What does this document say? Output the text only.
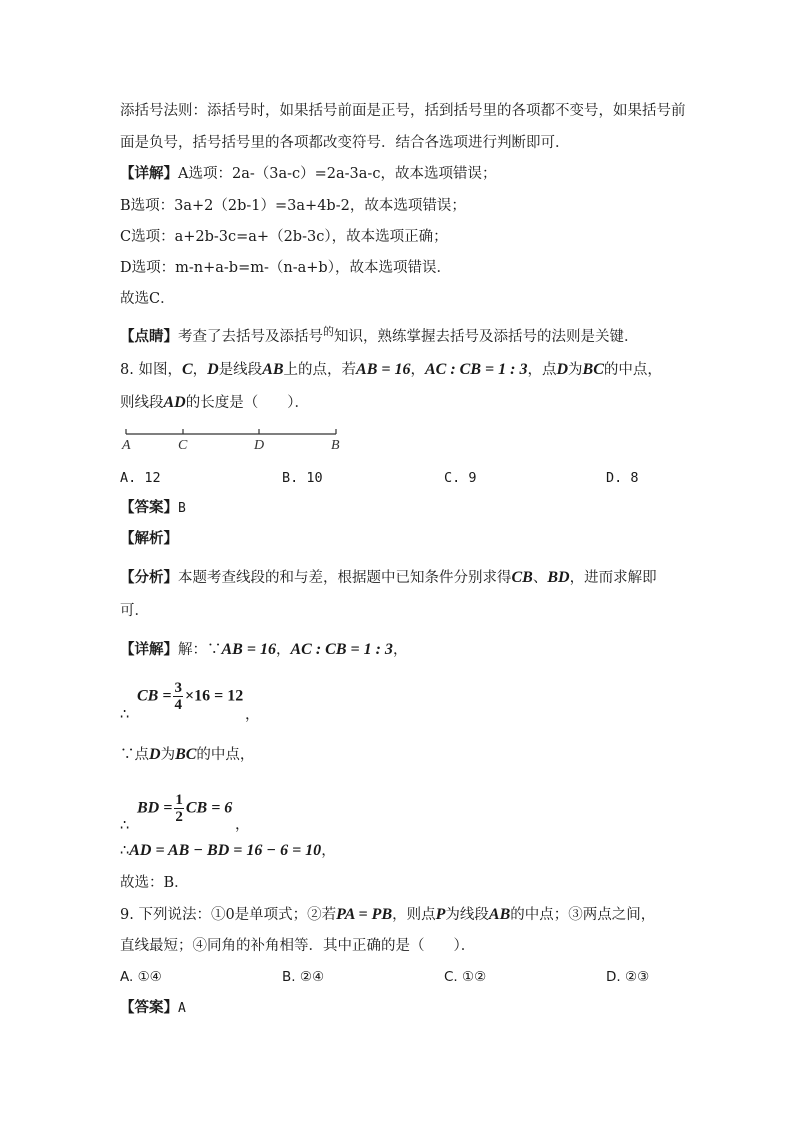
添括号法则：添括号时，如果括号前面是正号，括到括号里的各项都不变号，如果括号前
面是负号，括号括号里的各项都改变符号．结合各选项进行判断即可．
【详解】A选项：2a-（3a-c）=2a-3a-c，故本选项错误；
B选项：3a+2（2b-1）=3a+4b-2，故本选项错误；
C选项：a+2b-3c=a+（2b-3c），故本选项正确；
D选项：m-n+a-b=m-（n-a+b），故本选项错误．
故选C．
【点睛】考查了去括号及添括号$^的$知识，熟练掌握去括号及添括号的法则是关键．
8. 如图，C，D是线段AB上的点，若AB = 16，AC : CB = 1 : 3，点D为BC的中点，
则线段AD的长度是（　　）．
A	C	D	B
A. 12	B. 10	C. 9	D. 8
【答案】B
【解析】
【分析】本题考查线段的和与差，根据题中已知条件分别求得CB、BD，进而求解即
可．
【详解】解：∵AB = 16，AC : CB = 1 : 3，
CB = $\frac{3}{4} \times 16 = 12$
∴	，
∵点D为BC的中点，
BD = $\frac{1}{2}$ CB = 6
∴	，
∴AD = AB − BD = 16 − 6 = 10，
故选：B．
9. 下列说法：①0是单项式；②若PA = PB，则点P为线段AB的中点；③两点之间，
直线最短；④同角的补角相等．其中正确的是（　　）．
A. ①④	B. ②④	C. ①②	D. ②③
【答案】A
